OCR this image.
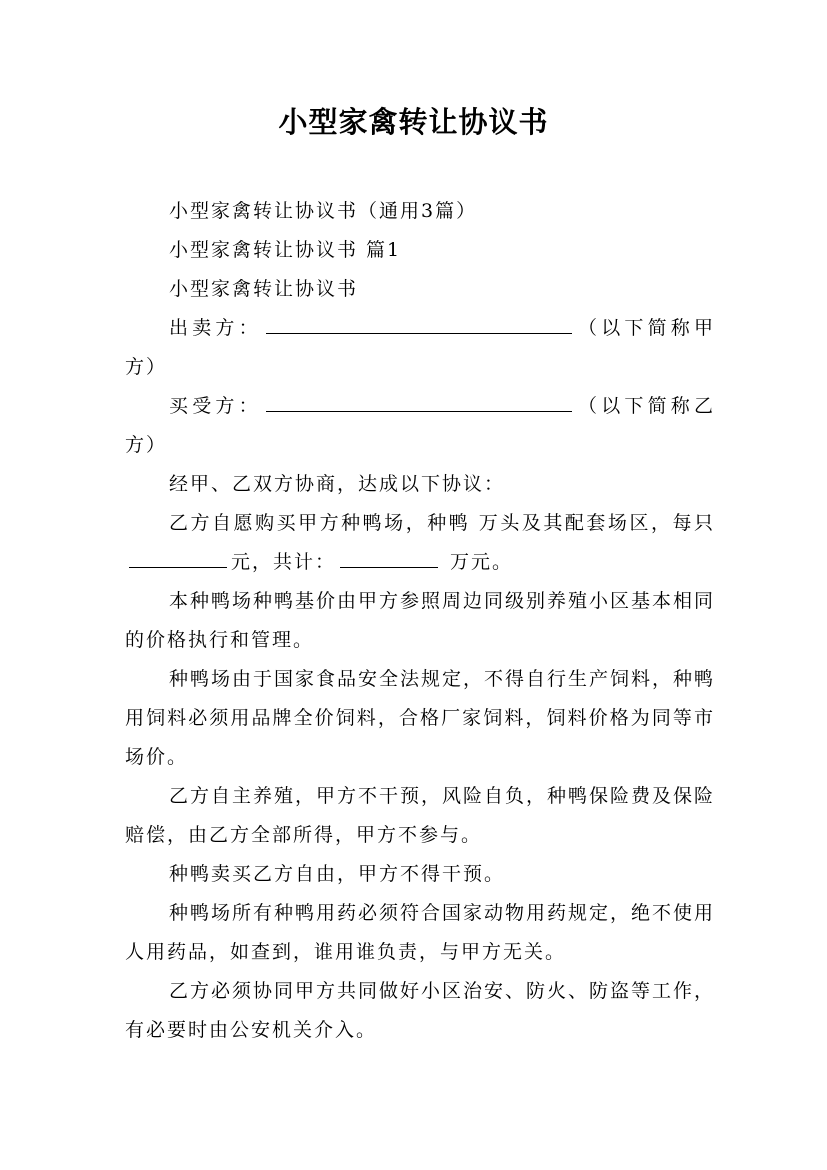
小型家禽转让协议书

小型家禽转让协议书（通用3篇）

小型家禽转让协议书 篇1

小型家禽转让协议书

出卖方：	（以下简称甲方）

买受方：	（以下简称乙方）

经甲、乙双方协商，达成以下协议：

乙方自愿购买甲方种鸭场，种鸭 万头及其配套场区，每只 元，共计：	万元。

本种鸭场种鸭基价由甲方参照周边同级别养殖小区基本相同的价格执行和管理。

种鸭场由于国家食品安全法规定，不得自行生产饲料，种鸭用饲料必须用品牌全价饲料，合格厂家饲料，饲料价格为同等市场价。

乙方自主养殖，甲方不干预，风险自负，种鸭保险费及保险赔偿，由乙方全部所得，甲方不参与。

种鸭卖买乙方自由，甲方不得干预。

种鸭场所有种鸭用药必须符合国家动物用药规定，绝不使用人用药品，如查到，谁用谁负责，与甲方无关。

乙方必须协同甲方共同做好小区治安、防火、防盗等工作，有必要时由公安机关介入。
